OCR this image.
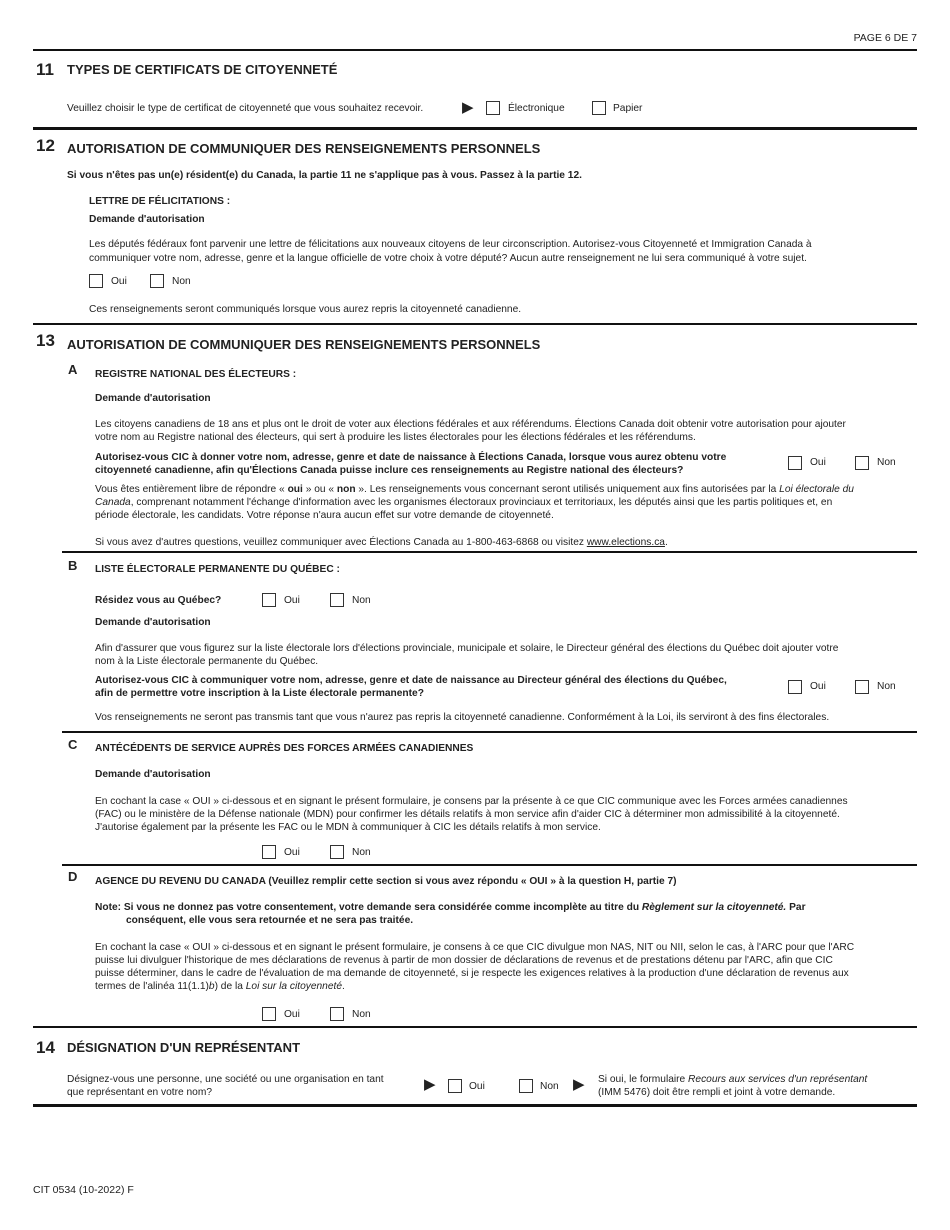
PAGE 6 DE 7
11 TYPES DE CERTIFICATS DE CITOYENNETÉ
Veuillez choisir le type de certificat de citoyenneté que vous souhaitez recevoir.	▶	Électronique	Papier
12 AUTORISATION DE COMMUNIQUER DES RENSEIGNEMENTS PERSONNELS
Si vous n'êtes pas un(e) résident(e) du Canada, la partie 11 ne s'applique pas à vous. Passez à la partie 12.
LETTRE DE FÉLICITATIONS :
Demande d'autorisation
Les députés fédéraux font parvenir une lettre de félicitations aux nouveaux citoyens de leur circonscription. Autorisez-vous Citoyenneté et Immigration Canada à
communiquer votre nom, adresse, genre et la langue officielle de votre choix à votre député? Aucun autre renseignement ne lui sera communiqué à votre sujet.
Oui	Non
Ces renseignements seront communiqués lorsque vous aurez repris la citoyenneté canadienne.
13 AUTORISATION DE COMMUNIQUER DES RENSEIGNEMENTS PERSONNELS
A REGISTRE NATIONAL DES ÉLECTEURS :
Demande d'autorisation
Les citoyens canadiens de 18 ans et plus ont le droit de voter aux élections fédérales et aux référendums. Élections Canada doit obtenir votre autorisation pour ajouter
votre nom au Registre national des électeurs, qui sert à produire les listes électorales pour les élections fédérales et les référendums.
Autorisez-vous CIC à donner votre nom, adresse, genre et date de naissance à Élections Canada, lorsque vous aurez obtenu votre
citoyenneté canadienne, afin qu'Élections Canada puisse inclure ces renseignements au Registre national des électeurs?
Oui	Non
Vous êtes entièrement libre de répondre « oui » ou « non ». Les renseignements vous concernant seront utilisés uniquement aux fins autorisées par la Loi électorale du
Canada, comprenant notamment l'échange d'information avec les organismes électoraux provinciaux et territoriaux, les députés ainsi que les partis politiques et, en
période électorale, les candidats. Votre réponse n'aura aucun effet sur votre demande de citoyenneté.
Si vous avez d'autres questions, veuillez communiquer avec Élections Canada au 1-800-463-6868 ou visitez www.elections.ca.
B LISTE ÉLECTORALE PERMANENTE DU QUÉBEC :
Résidez vous au Québec?	Oui	Non
Demande d'autorisation
Afin d'assurer que vous figurez sur la liste électorale lors d'élections provinciale, municipale et solaire, le Directeur général des élections du Québec doit ajouter votre
nom à la Liste électorale permanente du Québec.
Autorisez-vous CIC à communiquer votre nom, adresse, genre et date de naissance au Directeur général des élections du Québec,
afin de permettre votre inscription à la Liste électorale permanente?
Oui	Non
Vos renseignements ne seront pas transmis tant que vous n'aurez pas repris la citoyenneté canadienne. Conformément à la Loi, ils serviront à des fins électorales.
C ANTÉCÉDENTS DE SERVICE AUPRÈS DES FORCES ARMÉES CANADIENNES
Demande d'autorisation
En cochant la case « OUI » ci-dessous et en signant le présent formulaire, je consens par la présente à ce que CIC communique avec les Forces armées canadiennes
(FAC) ou le ministère de la Défense nationale (MDN) pour confirmer les détails relatifs à mon service afin d'aider CIC à déterminer mon admissibilité à la citoyenneté.
J'autorise également par la présente les FAC ou le MDN à communiquer à CIC les détails relatifs à mon service.
Oui	Non
D AGENCE DU REVENU DU CANADA (Veuillez remplir cette section si vous avez répondu « OUI » à la question H, partie 7)
Note: Si vous ne donnez pas votre consentement, votre demande sera considérée comme incomplète au titre du Règlement sur la citoyenneté. Par
conséquent, elle vous sera retournée et ne sera pas traitée.
En cochant la case « OUI » ci-dessous et en signant le présent formulaire, je consens à ce que CIC divulgue mon NAS, NIT ou NII, selon le cas, à l'ARC pour que l'ARC
puisse lui divulguer l'historique de mes déclarations de revenus à partir de mon dossier de déclarations de revenus et de prestations détenu par l'ARC, afin que CIC
puisse déterminer, dans le cadre de l'évaluation de ma demande de citoyenneté, si je respecte les exigences relatives à la production d'une déclaration de revenus aux
termes de l'alinéa 11(1.1)b) de la Loi sur la citoyenneté.
Oui	Non
14 DÉSIGNATION D'UN REPRÉSENTANT
Désignez-vous une personne, une société ou une organisation en tant
que représentant en votre nom?	▶	Oui	Non ▶ Si oui, le formulaire Recours aux services d'un représentant
(IMM 5476) doit être rempli et joint à votre demande.
CIT 0534 (10-2022) F
